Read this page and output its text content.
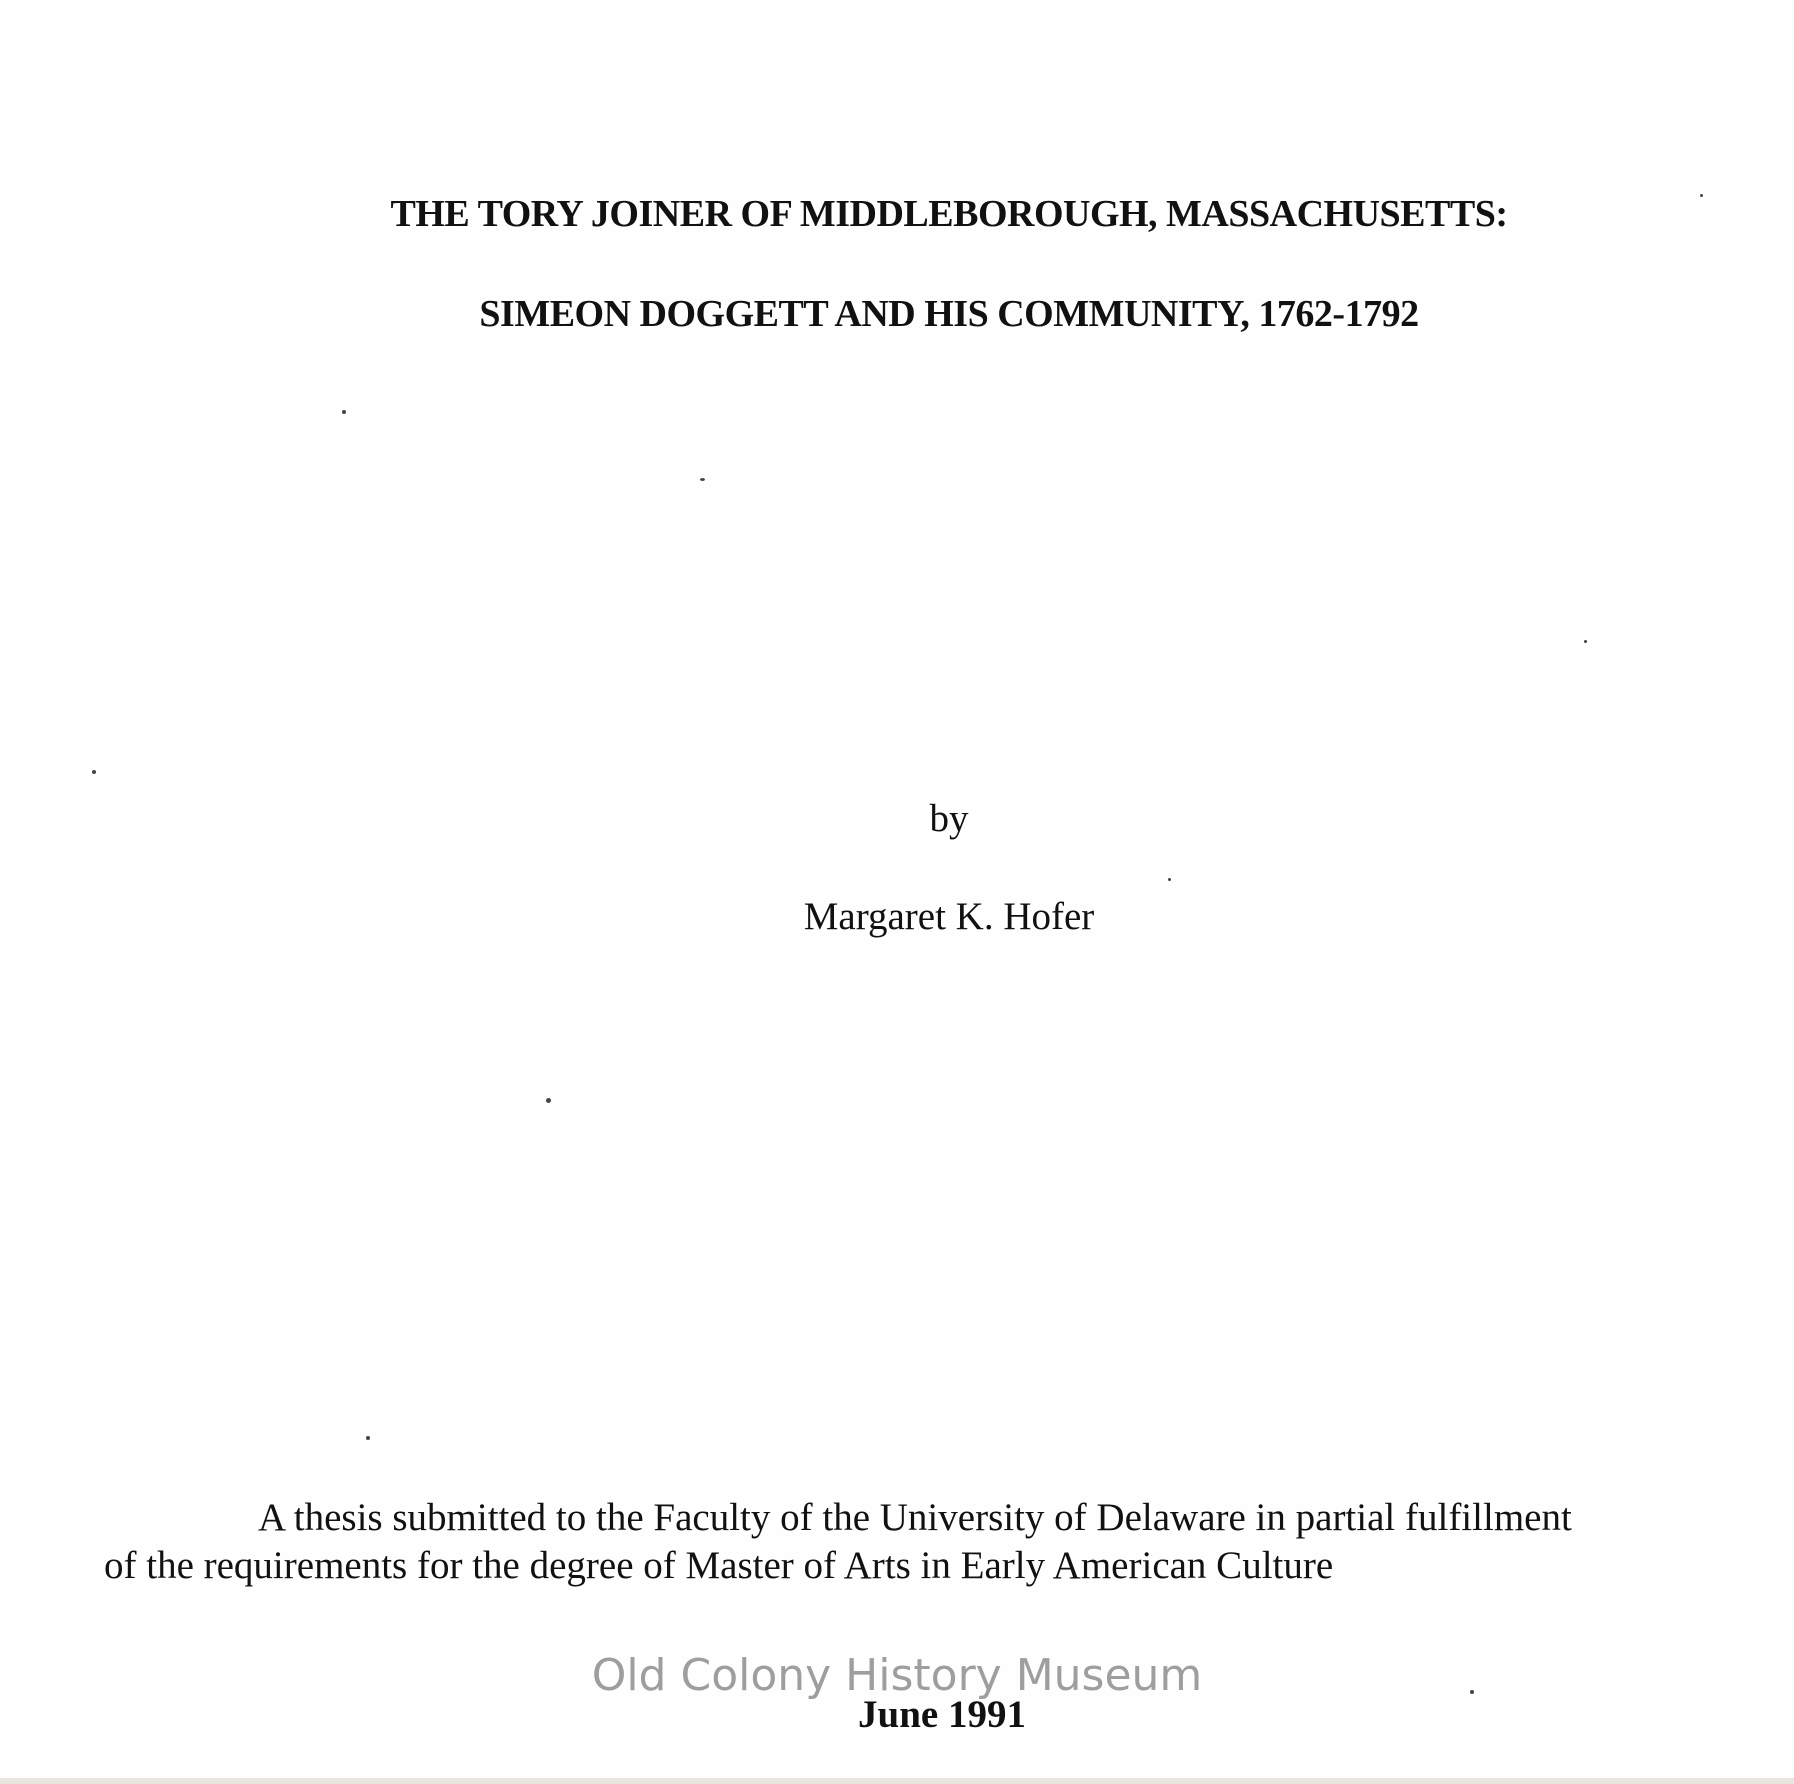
THE TORY JOINER OF MIDDLEBOROUGH, MASSACHUSETTS:
SIMEON DOGGETT AND HIS COMMUNITY, 1762-1792
by
Margaret K. Hofer
A thesis submitted to the Faculty of the University of Delaware in partial fulfillment
of the requirements for the degree of Master of Arts in Early American Culture
June 1991
Old Colony History Museum
